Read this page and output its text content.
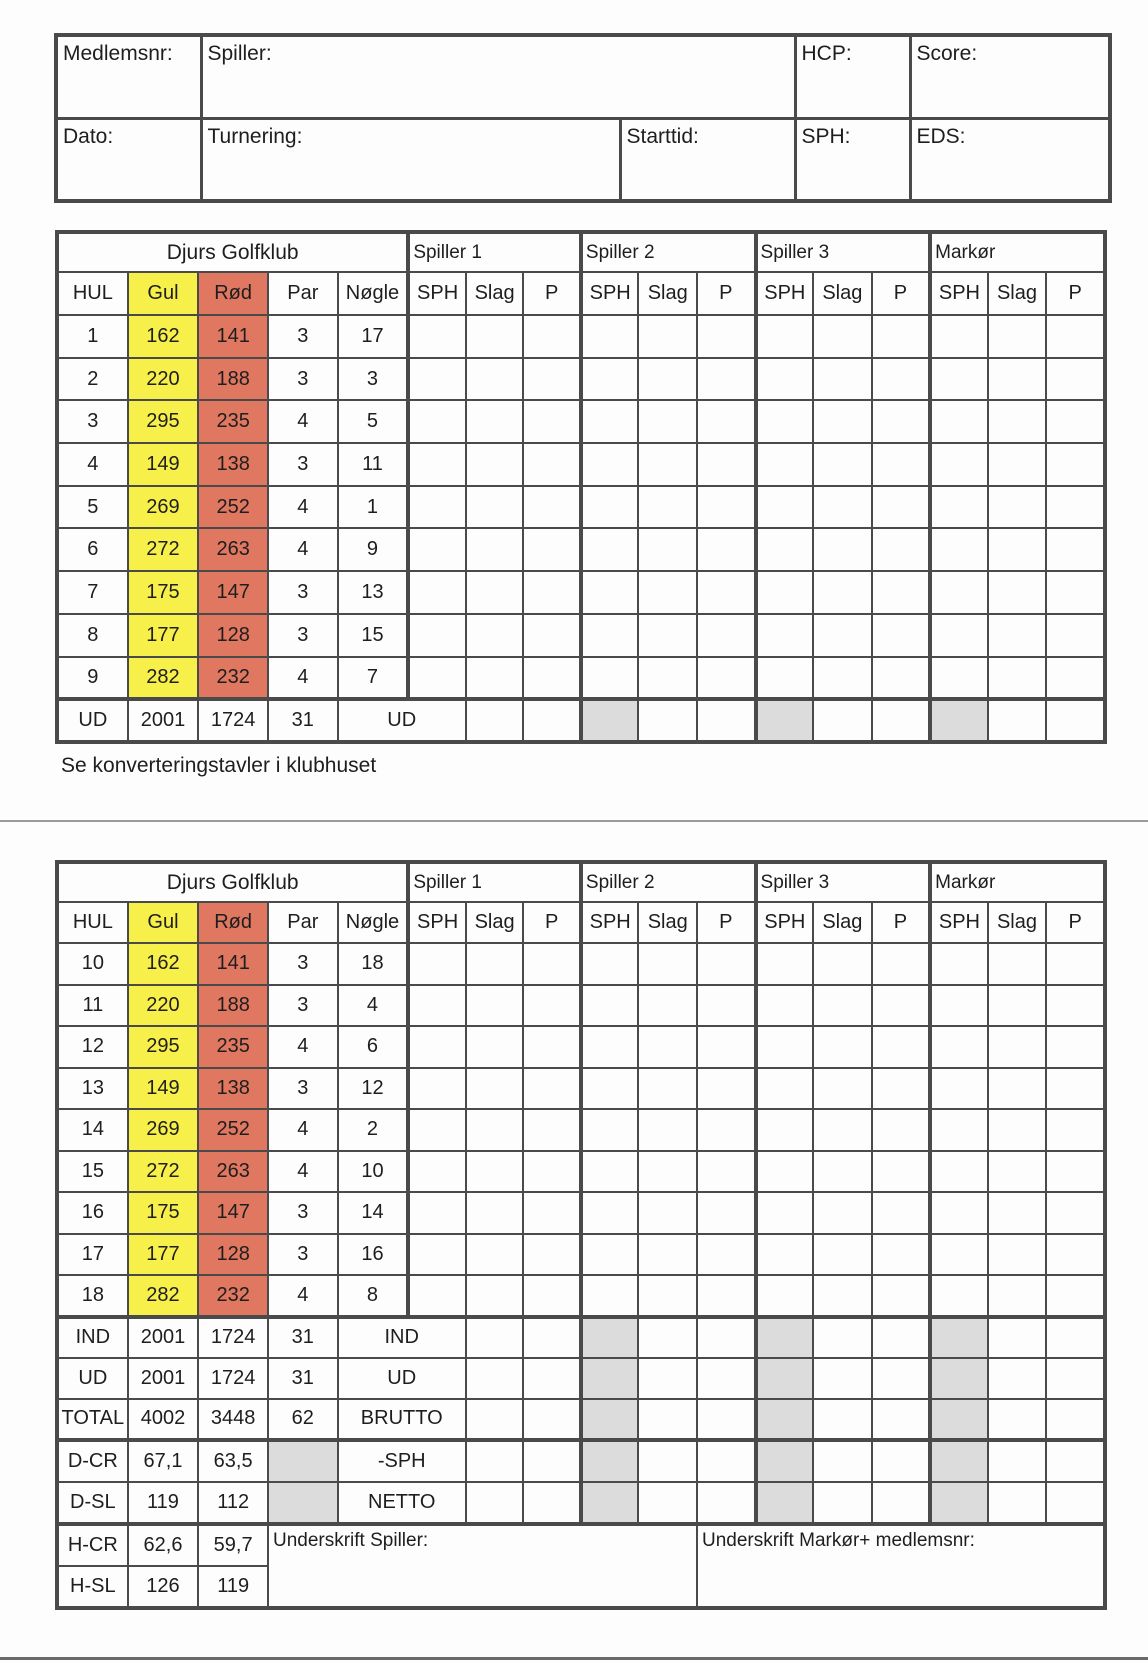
Medlemsnr:	Spiller:		HCP:	Score:
Dato:	Turnering:	Starttid:	SPH:	EDS:
Djurs Golfklub					Spiller 1			Spiller 2			Spiller 3			Markør		
HUL	Gul	Rød	Par	Nøgle	SPH	Slag	P	SPH	Slag	P	SPH	Slag	P	SPH	Slag	P
1	162	141	3	17												
2	220	188	3	3												
3	295	235	4	5												
4	149	138	3	11												
5	269	252	4	1												
6	272	263	4	9												
7	175	147	3	13												
8	177	128	3	15												
9	282	232	4	7												
UD	2001	1724	31	UD												
Se konverteringstavler i klubhuset
Djurs Golfklub					Spiller 1			Spiller 2			Spiller 3			Markør		
HUL	Gul	Rød	Par	Nøgle	SPH	Slag	P	SPH	Slag	P	SPH	Slag	P	SPH	Slag	P
10	162	141	3	18												
11	220	188	3	4												
12	295	235	4	6												
13	149	138	3	12												
14	269	252	4	2												
15	272	263	4	10												
16	175	147	3	14												
17	177	128	3	16												
18	282	232	4	8												
IND	2001	1724	31	IND												
UD	2001	1724	31	UD												
TOTAL	4002	3448	62	BRUTTO												
D-CR	67,1	63,5		-SPH												
D-SL	119	112		NETTO												
H-CR	62,6	59,7	Underskrift Spiller:							Underskrift Markør+ medlemsnr:						
H-SL	126	119														
